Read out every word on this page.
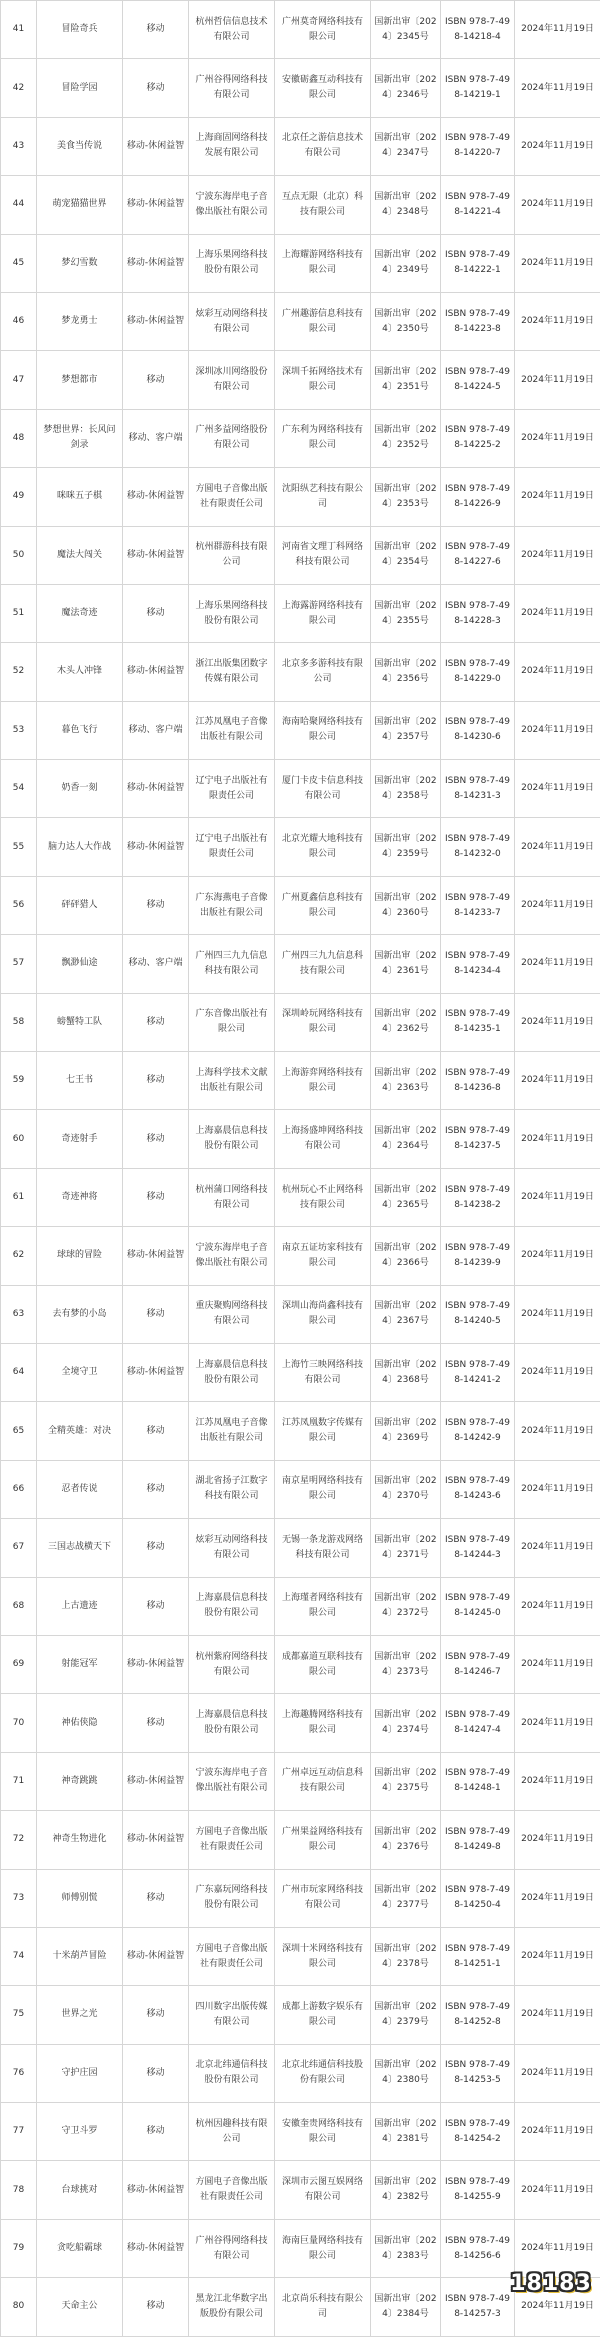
41	冒险奇兵	移动	杭州哲信信息技术有限公司	广州莫奇网络科技有限公司	国新出审〔2024〕2345号	ISBN 978-7-498-14218-4	2024年11月19日
42	冒险学园	移动	广州谷得网络科技有限公司	安徽砺鑫互动科技有限公司	国新出审〔2024〕2346号	ISBN 978-7-498-14219-1	2024年11月19日
43	美食当传说	移动-休闲益智	上海商固网络科技发展有限公司	北京任之游信息技术有限公司	国新出审〔2024〕2347号	ISBN 978-7-498-14220-7	2024年11月19日
44	萌宠猫猫世界	移动-休闲益智	宁波东海岸电子音像出版社有限公司	互点无限（北京）科技有限公司	国新出审〔2024〕2348号	ISBN 978-7-498-14221-4	2024年11月19日
45	梦幻雪数	移动-休闲益智	上海乐果网络科技股份有限公司	上海耀游网络科技有限公司	国新出审〔2024〕2349号	ISBN 978-7-498-14222-1	2024年11月19日
46	梦龙勇士	移动-休闲益智	炫彩互动网络科技有限公司	广州趣游信息科技有限公司	国新出审〔2024〕2350号	ISBN 978-7-498-14223-8	2024年11月19日
47	梦想都市	移动	深圳冰川网络股份有限公司	深圳千拓网络技术有限公司	国新出审〔2024〕2351号	ISBN 978-7-498-14224-5	2024年11月19日
48	梦想世界：长风问剑录	移动、客户端	广州多益网络股份有限公司	广东利为网络科技有限公司	国新出审〔2024〕2352号	ISBN 978-7-498-14225-2	2024年11月19日
49	咪咪五子棋	移动-休闲益智	方圆电子音像出版社有限责任公司	沈阳纵艺科技有限公司	国新出审〔2024〕2353号	ISBN 978-7-498-14226-9	2024年11月19日
50	魔法大闯关	移动-休闲益智	杭州群游科技有限公司	河南省文理丁科网络科技有限公司	国新出审〔2024〕2354号	ISBN 978-7-498-14227-6	2024年11月19日
51	魔法奇迹	移动	上海乐果网络科技股份有限公司	上海露游网络科技有限公司	国新出审〔2024〕2355号	ISBN 978-7-498-14228-3	2024年11月19日
52	木头人冲锋	移动-休闲益智	浙江出版集团数字传媒有限公司	北京多多游科技有限公司	国新出审〔2024〕2356号	ISBN 978-7-498-14229-0	2024年11月19日
53	暮色飞行	移动、客户端	江苏凤凰电子音像出版社有限公司	海南哈聚网络科技有限公司	国新出审〔2024〕2357号	ISBN 978-7-498-14230-6	2024年11月19日
54	奶香一刻	移动-休闲益智	辽宁电子出版社有限责任公司	厦门卡皮卡信息科技有限公司	国新出审〔2024〕2358号	ISBN 978-7-498-14231-3	2024年11月19日
55	脑力达人大作战	移动-休闲益智	辽宁电子出版社有限责任公司	北京光耀大地科技有限公司	国新出审〔2024〕2359号	ISBN 978-7-498-14232-0	2024年11月19日
56	砰砰猎人	移动	广东海燕电子音像出版社有限公司	广州夏鑫信息科技有限公司	国新出审〔2024〕2360号	ISBN 978-7-498-14233-7	2024年11月19日
57	飘渺仙途	移动、客户端	广州四三九九信息科技有限公司	广州四三九九信息科技有限公司	国新出审〔2024〕2361号	ISBN 978-7-498-14234-4	2024年11月19日
58	螃蟹特工队	移动	广东音像出版社有限公司	深圳岭玩网络科技有限公司	国新出审〔2024〕2362号	ISBN 978-7-498-14235-1	2024年11月19日
59	七王书	移动	上海科学技术文献出版社有限公司	上海游弈网络科技有限公司	国新出审〔2024〕2363号	ISBN 978-7-498-14236-8	2024年11月19日
60	奇迹射手	移动	上海嘉晨信息科技股份有限公司	上海扬盛坤网络科技有限公司	国新出审〔2024〕2364号	ISBN 978-7-498-14237-5	2024年11月19日
61	奇迹神将	移动	杭州蒲口网络科技有限公司	杭州玩心不止网络科技有限公司	国新出审〔2024〕2365号	ISBN 978-7-498-14238-2	2024年11月19日
62	球球的冒险	移动-休闲益智	宁波东海岸电子音像出版社有限公司	南京五证坊家科技有限公司	国新出审〔2024〕2366号	ISBN 978-7-498-14239-9	2024年11月19日
63	去有梦的小岛	移动	重庆聚购网络科技有限公司	深圳山海尚鑫科技有限公司	国新出审〔2024〕2367号	ISBN 978-7-498-14240-5	2024年11月19日
64	全境守卫	移动-休闲益智	上海嘉晨信息科技股份有限公司	上海竹三映网络科技有限公司	国新出审〔2024〕2368号	ISBN 978-7-498-14241-2	2024年11月19日
65	全精英雄：对决	移动	江苏凤凰电子音像出版社有限公司	江苏凤凰数字传媒有限公司	国新出审〔2024〕2369号	ISBN 978-7-498-14242-9	2024年11月19日
66	忍者传说	移动	湖北省扬子江数字科技有限公司	南京星明网络科技有限公司	国新出审〔2024〕2370号	ISBN 978-7-498-14243-6	2024年11月19日
67	三国志战横天下	移动	炫彩互动网络科技有限公司	无锡一条龙游戏网络科技有限公司	国新出审〔2024〕2371号	ISBN 978-7-498-14244-3	2024年11月19日
68	上古遗迹	移动	上海嘉晨信息科技股份有限公司	上海瑾者网络科技有限公司	国新出审〔2024〕2372号	ISBN 978-7-498-14245-0	2024年11月19日
69	射能冠军	移动-休闲益智	杭州紫府网络科技有限公司	成都嘉道互联科技有限公司	国新出审〔2024〕2373号	ISBN 978-7-498-14246-7	2024年11月19日
70	神佑侠隐	移动	上海嘉晨信息科技股份有限公司	上海趣腾网络科技有限公司	国新出审〔2024〕2374号	ISBN 978-7-498-14247-4	2024年11月19日
71	神奇跳跳	移动-休闲益智	宁波东海岸电子音像出版社有限公司	广州卓远互动信息科技有限公司	国新出审〔2024〕2375号	ISBN 978-7-498-14248-1	2024年11月19日
72	神奇生物进化	移动-休闲益智	方圆电子音像出版社有限责任公司	广州果益网络科技有限公司	国新出审〔2024〕2376号	ISBN 978-7-498-14249-8	2024年11月19日
73	师傅别慌	移动	广东嘉玩网络科技股份有限公司	广州市玩家网络科技有限公司	国新出审〔2024〕2377号	ISBN 978-7-498-14250-4	2024年11月19日
74	十米葫芦冒险	移动-休闲益智	方圆电子音像出版社有限责任公司	深圳十米网络科技有限公司	国新出审〔2024〕2378号	ISBN 978-7-498-14251-1	2024年11月19日
75	世界之光	移动	四川数字出版传媒有限公司	成都上游数字娱乐有限公司	国新出审〔2024〕2379号	ISBN 978-7-498-14252-8	2024年11月19日
76	守护庄园	移动	北京北纬通信科技股份有限公司	北京北纬通信科技股份有限公司	国新出审〔2024〕2380号	ISBN 978-7-498-14253-5	2024年11月19日
77	守卫斗罗	移动	杭州因趣科技有限公司	安徽奎贵网络科技有限公司	国新出审〔2024〕2381号	ISBN 978-7-498-14254-2	2024年11月19日
78	台球挑对	移动-休闲益智	方圆电子音像出版社有限责任公司	深圳市云图互娱网络有限公司	国新出审〔2024〕2382号	ISBN 978-7-498-14255-9	2024年11月19日
79	贪吃船霸球	移动-休闲益智	广州谷得网络科技有限公司	海南巨量网络科技有限公司	国新出审〔2024〕2383号	ISBN 978-7-498-14256-6	2024年11月19日
80	天命主公	移动	黑龙江北华数字出版股份有限公司	北京尚乐科技有限公司	国新出审〔2024〕2384号	ISBN 978-7-498-14257-3	2024年11月19日
18183
